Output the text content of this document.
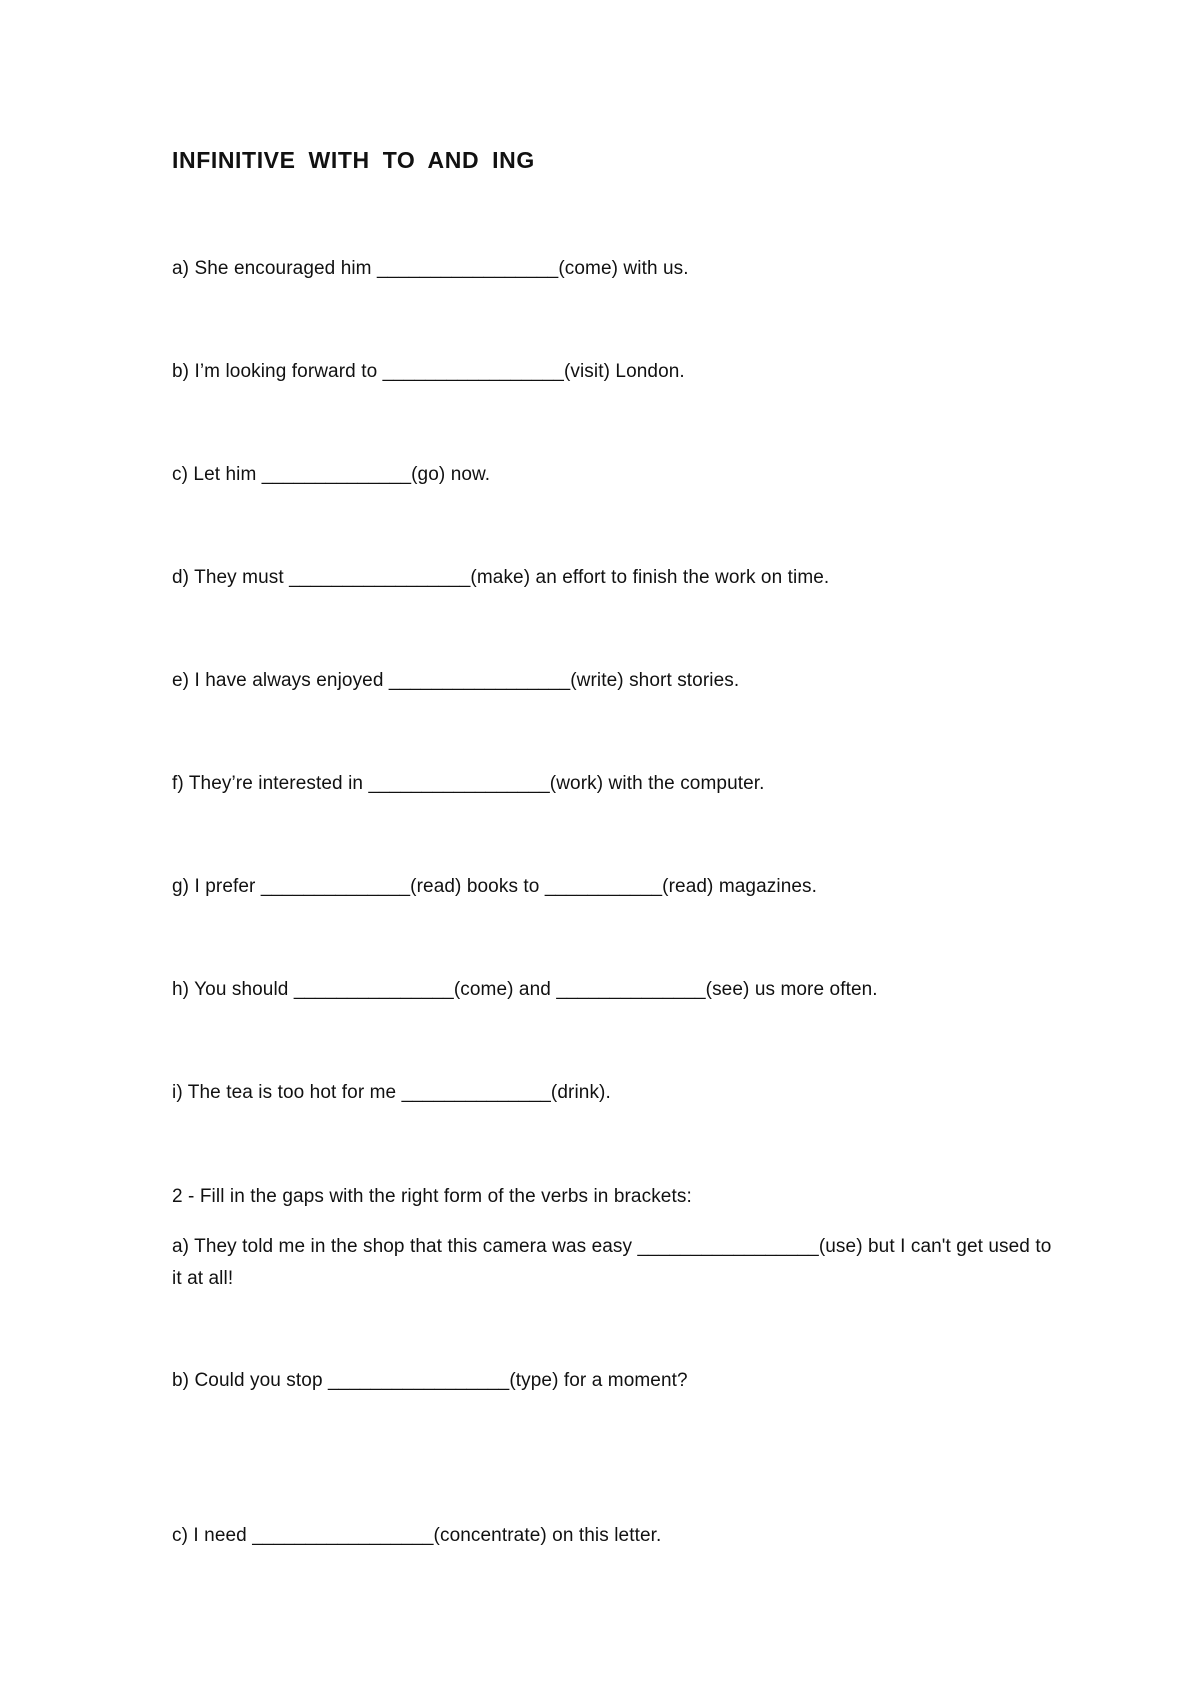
INFINITIVE WITH TO AND ING
a) She encouraged him _________________(come) with us.
b) I’m looking forward to _________________(visit) London.
c) Let him ______________(go) now.
d) They must _________________(make) an effort to finish the work on time.
e) I have always enjoyed _________________(write) short stories.
f) They’re interested in _________________(work) with the computer.
g) I prefer ______________(read) books to ___________(read) magazines.
h) You should _______________(come) and ______________(see) us more often.
i) The tea is too hot for me ______________(drink).
2 - Fill in the gaps with the right form of the verbs in brackets:
a) They told me in the shop that this camera was easy _________________(use) but I can't get used to it at all!
b) Could you stop _________________(type) for a moment?
c) I need _________________(concentrate) on this letter.
